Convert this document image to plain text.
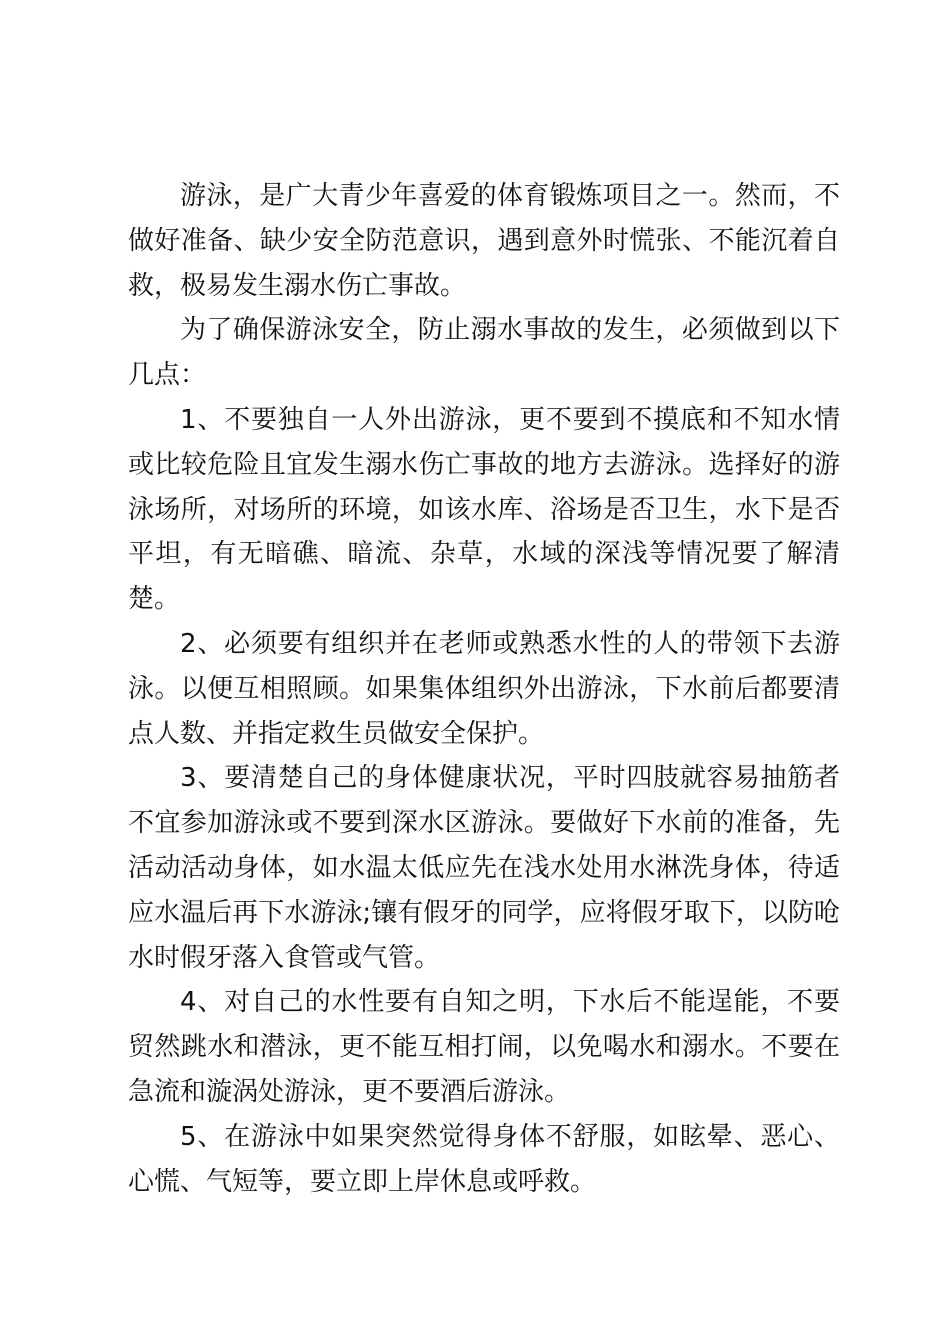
游泳，是广大青少年喜爱的体育锻炼项目之一。然而，不做好准备、缺少安全防范意识，遇到意外时慌张、不能沉着自救，极易发生溺水伤亡事故。

为了确保游泳安全，防止溺水事故的发生，必须做到以下几点：

1、不要独自一人外出游泳，更不要到不摸底和不知水情或比较危险且宜发生溺水伤亡事故的地方去游泳。选择好的游泳场所，对场所的环境，如该水库、浴场是否卫生，水下是否平坦，有无暗礁、暗流、杂草，水域的深浅等情况要了解清楚。

2、必须要有组织并在老师或熟悉水性的人的带领下去游泳。以便互相照顾。如果集体组织外出游泳，下水前后都要清点人数、并指定救生员做安全保护。

3、要清楚自己的身体健康状况，平时四肢就容易抽筋者不宜参加游泳或不要到深水区游泳。要做好下水前的准备，先活动活动身体，如水温太低应先在浅水处用水淋洗身体，待适应水温后再下水游泳;镶有假牙的同学，应将假牙取下，以防呛水时假牙落入食管或气管。

4、对自己的水性要有自知之明，下水后不能逞能，不要贸然跳水和潜泳，更不能互相打闹，以免喝水和溺水。不要在急流和漩涡处游泳，更不要酒后游泳。

5、在游泳中如果突然觉得身体不舒服，如眩晕、恶心、心慌、气短等，要立即上岸休息或呼救。
